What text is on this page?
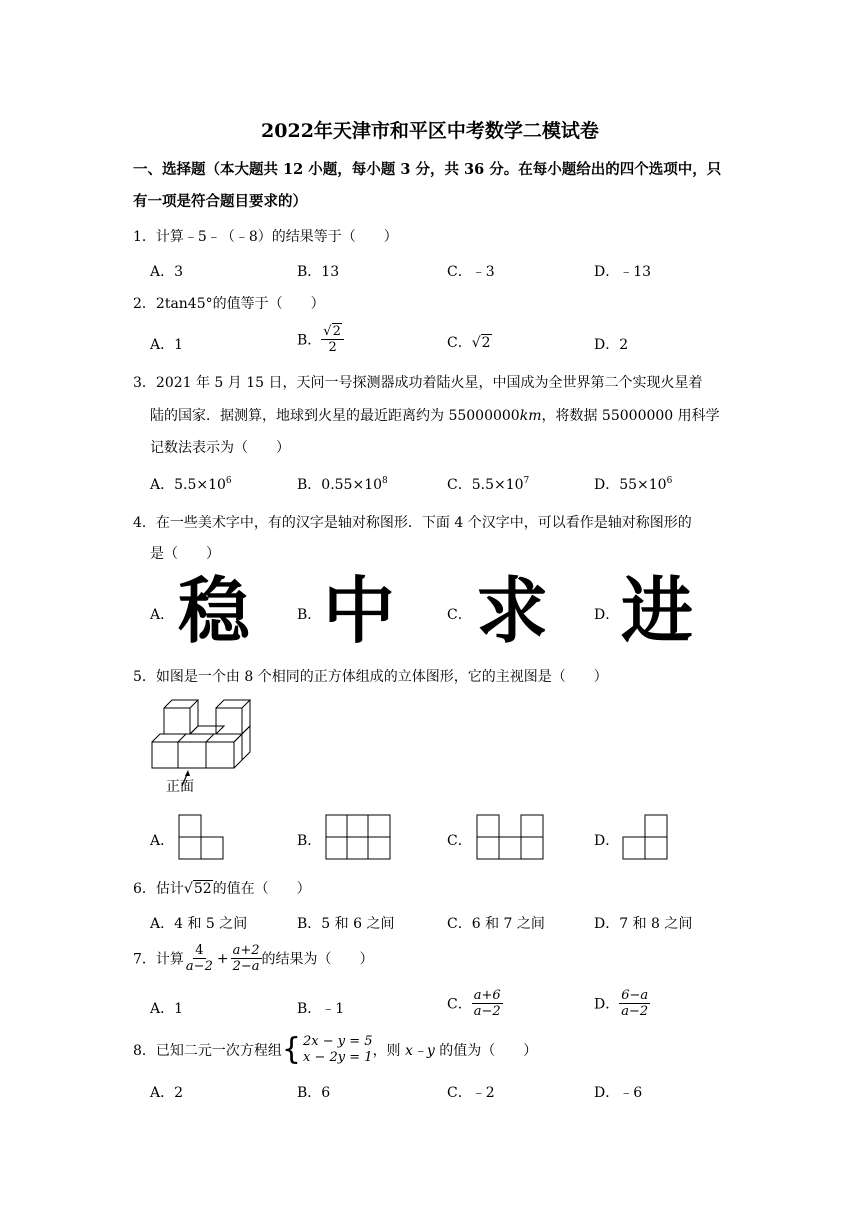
2022年天津市和平区中考数学二模试卷
一、选择题（本大题共 12 小题，每小题 3 分，共 36 分。在每小题给出的四个选项中，只
有一项是符合题目要求的）
1．计算﹣5﹣（﹣8）的结果等于（　　）
A．3	B．13	C．﹣3	D．﹣13
2．2tan45°的值等于（　　）
A．1	B． $\frac{√2}{2}$	C．√2	D．2
3．2021 年 5 月 15 日，天问一号探测器成功着陆火星，中国成为全世界第二个实现火星着
陆的国家．据测算，地球到火星的最近距离约为 55000000km，将数据 55000000 用科学
记数法表示为（　　）
A．$5.5\times 10^6$	B．$0.55\times 10^8$	C．$5.5\times 10^7$	D．$55\times 10^6$
4．在一些美术字中，有的汉字是轴对称图形．下面 4 个汉字中，可以看作是轴对称图形的
是（　　）
A． 稳	B． 中	C． 求	D． 进
5．如图是一个由 8 个相同的正方体组成的立体图形，它的主视图是（　　）
正面
A．	B．	C．	D．
6．估计√52的值在（　　）
A．4 和 5 之间	B．5 和 6 之间	C．6 和 7 之间	D．7 和 8 之间
7．计算 $\frac{4}{a-2} + \frac{a+2}{2-a}$ 的结果为（　　）
A．1	B．﹣1	C． $\frac{a+6}{a-2}$	D． $\frac{6-a}{a-2}$
8．已知二元一次方程组 { 2x − y = 5
x − 2y = 1 ，则 x﹣y 的值为（　　）
A．2	B．6	C．﹣2	D．﹣6
